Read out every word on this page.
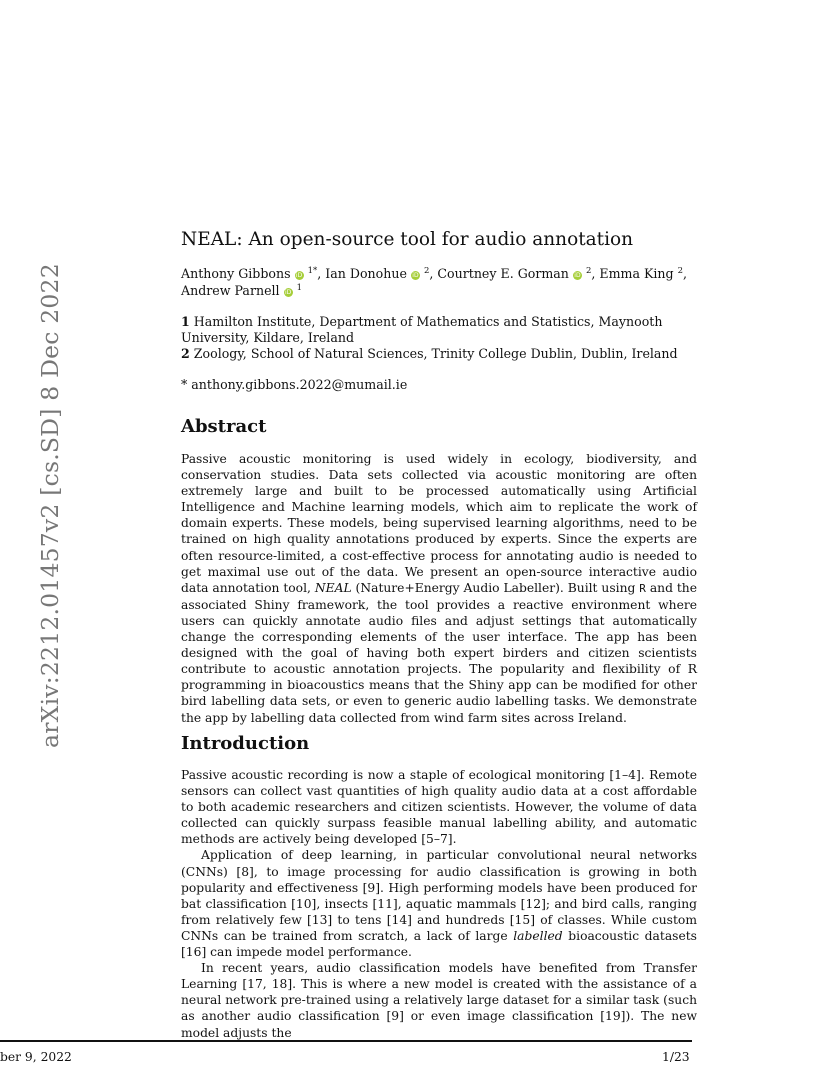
arXiv:2212.01457v2 [cs.SD] 8 Dec 2022
NEAL: An open-source tool for audio annotation
Anthony Gibbons iD $^{1*}$, Ian Donohue iD $^2$, Courtney E. Gorman iD $^2$, Emma King $^2$,
Andrew Parnell iD $^1$
1 Hamilton Institute, Department of Mathematics and Statistics, Maynooth
University, Kildare, Ireland
2 Zoology, School of Natural Sciences, Trinity College Dublin, Dublin, Ireland
* anthony.gibbons.2022@mumail.ie
Abstract

Passive acoustic monitoring is used widely in ecology, biodiversity, and conservation studies. Data sets collected via acoustic monitoring are often extremely large and built to be processed automatically using Artificial Intelligence and Machine learning models, which aim to replicate the work of domain experts. These models, being supervised learning algorithms, need to be trained on high quality annotations produced by experts. Since the experts are often resource-limited, a cost-effective process for annotating audio is needed to get maximal use out of the data. We present an open-source interactive audio data annotation tool, NEAL (Nature+Energy Audio Labeller). Built using R and the associated Shiny framework, the tool provides a reactive environment where users can quickly annotate audio files and adjust settings that automatically change the corresponding elements of the user interface. The app has been designed with the goal of having both expert birders and citizen scientists contribute to acoustic annotation projects. The popularity and flexibility of R programming in bioacoustics means that the Shiny app can be modified for other bird labelling data sets, or even to generic audio labelling tasks. We demonstrate the app by labelling data collected from wind farm sites across Ireland.

Introduction

Passive acoustic recording is now a staple of ecological monitoring [1–4]. Remote sensors can collect vast quantities of high quality audio data at a cost affordable to both academic researchers and citizen scientists. However, the volume of data collected can quickly surpass feasible manual labelling ability, and automatic methods are actively being developed [5–7].

Application of deep learning, in particular convolutional neural networks (CNNs) [8], to image processing for audio classification is growing in both popularity and effectiveness [9]. High performing models have been produced for bat classification [10], insects [11], aquatic mammals [12]; and bird calls, ranging from relatively few [13] to tens [14] and hundreds [15] of classes. While custom CNNs can be trained from scratch, a lack of large labelled bioacoustic datasets [16] can impede model performance.

In recent years, audio classification models have benefited from Transfer Learning [17, 18]. This is where a new model is created with the assistance of a neural network pre-trained using a relatively large dataset for a similar task (such as another audio classification [9] or even image classification [19]). The new model adjusts the

ber 9, 2022	1/23
